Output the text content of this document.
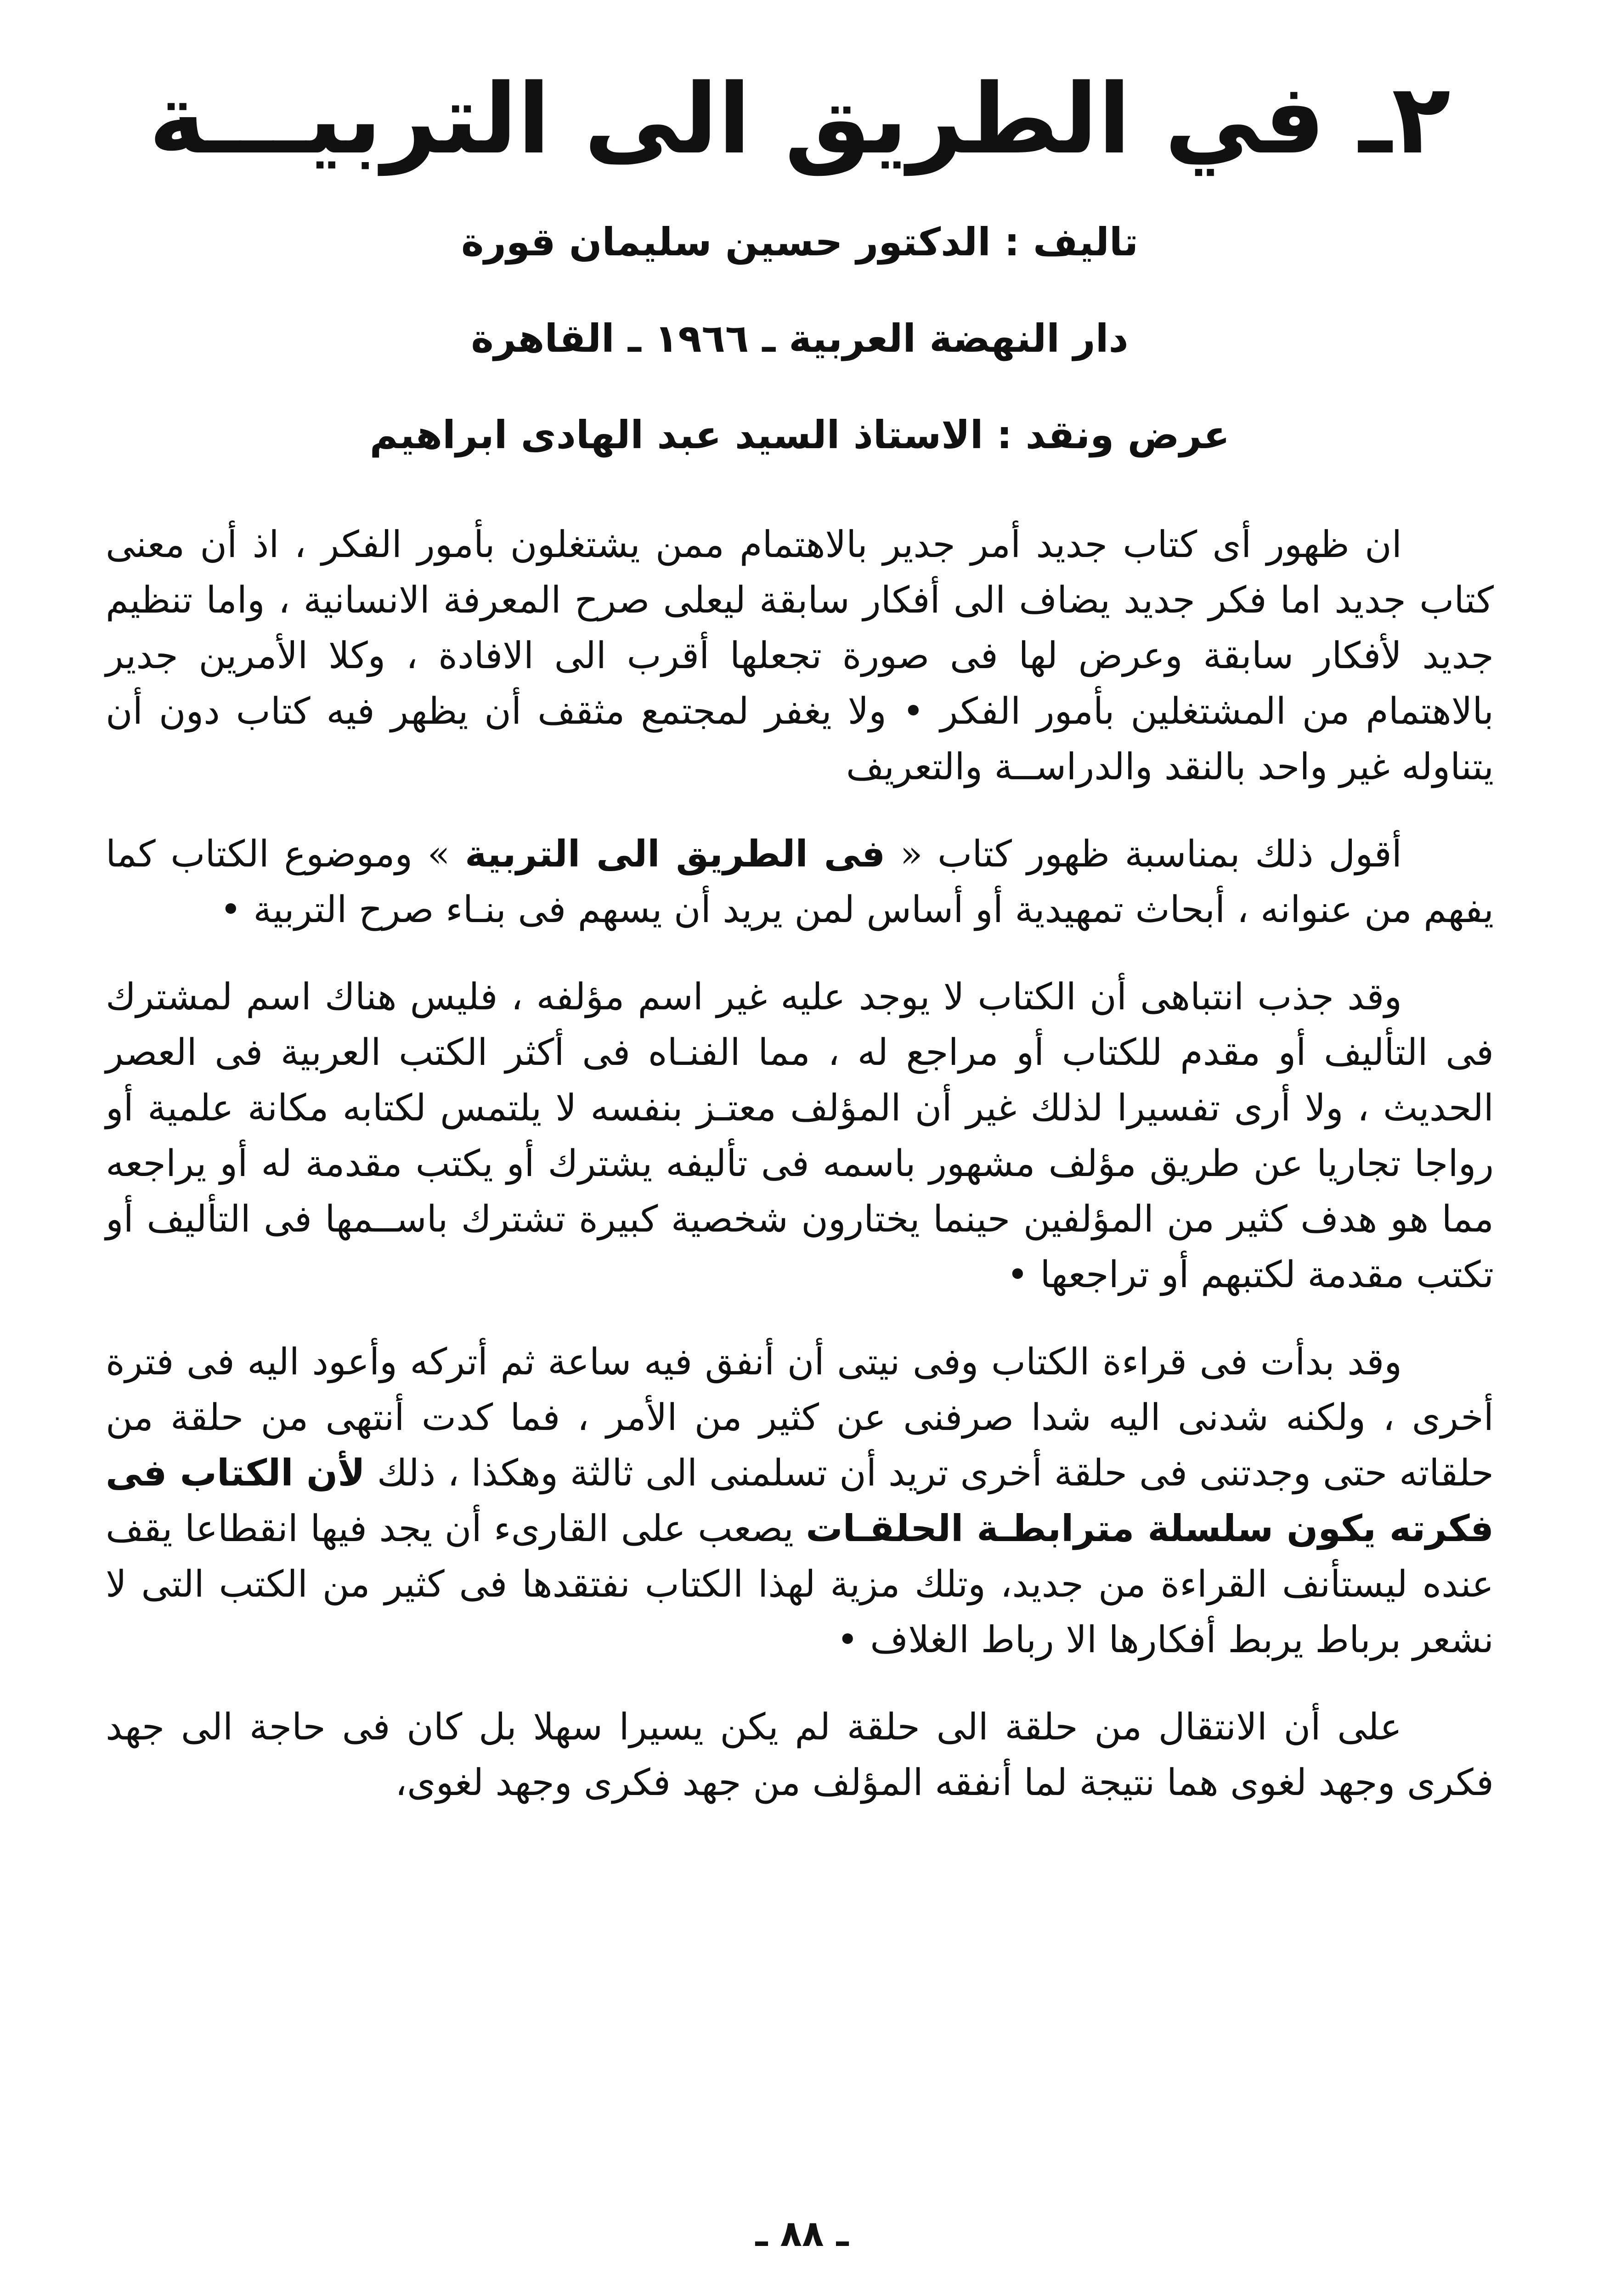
٢ـ في الطريق الى التربيـــة

تاليف : الدكتور حسين سليمان قورة

دار النهضة العربية ـ ١٩٦٦ ـ القاهرة

عرض ونقد : الاستاذ السيد عبد الهادى ابراهيم

ان ظهور أى كتاب جديد أمر جدير بالاهتمام ممن يشتغلون بأمور الفكر ، اذ أن معنى كتاب جديد اما فكر جديد يضاف الى أفكار سابقة ليعلى صرح المعرفة الانسانية ، واما تنظيم جديد لأفكار سابقة وعرض لها فى صورة تجعلها أقرب الى الافادة ، وكلا الأمرين جدير بالاهتمام من المشتغلين بأمور الفكر • ولا يغفر لمجتمع مثقف أن يظهر فيه كتاب دون أن يتناوله غير واحد بالنقد والدراســة والتعريف

أقول ذلك بمناسبة ظهور كتاب « فى الطريق الى التربية » وموضوع الكتاب كما يفهم من عنوانه ، أبحاث تمهيدية أو أساس لمن يريد أن يسهم فى بنـاء صرح التربية •

وقد جذب انتباهى أن الكتاب لا يوجد عليه غير اسم مؤلفه ، فليس هناك اسم لمشترك فى التأليف أو مقدم للكتاب أو مراجع له ، مما الفنـاه فى أكثر الكتب العربية فى العصر الحديث ، ولا أرى تفسيرا لذلك غير أن المؤلف معتـز بنفسه لا يلتمس لكتابه مكانة علمية أو رواجا تجاريا عن طريق مؤلف مشهور باسمه فى تأليفه يشترك أو يكتب مقدمة له أو يراجعه مما هو هدف كثير من المؤلفين حينما يختارون شخصية كبيرة تشترك باســمها فى التأليف أو تكتب مقدمة لكتبهم أو تراجعها •

وقد بدأت فى قراءة الكتاب وفى نيتى أن أنفق فيه ساعة ثم أتركه وأعود اليه فى فترة أخرى ، ولكنه شدنى اليه شدا صرفنى عن كثير من الأمر ، فما كدت أنتهى من حلقة من حلقاته حتى وجدتنى فى حلقة أخرى تريد أن تسلمنى الى ثالثة وهكذا ، ذلك لأن الكتاب فى فكرته يكون سلسلة مترابطـة الحلقـات يصعب على القارىء أن يجد فيها انقطاعا يقف عنده ليستأنف القراءة من جديد، وتلك مزية لهذا الكتاب نفتقدها فى كثير من الكتب التى لا نشعر برباط يربط أفكارها الا رباط الغلاف •

على أن الانتقال من حلقة الى حلقة لم يكن يسيرا سهلا بل كان فى حاجة الى جهد فكرى وجهد لغوى هما نتيجة لما أنفقه المؤلف من جهد فكرى وجهد لغوى،

ـ ٨٨ ـ
